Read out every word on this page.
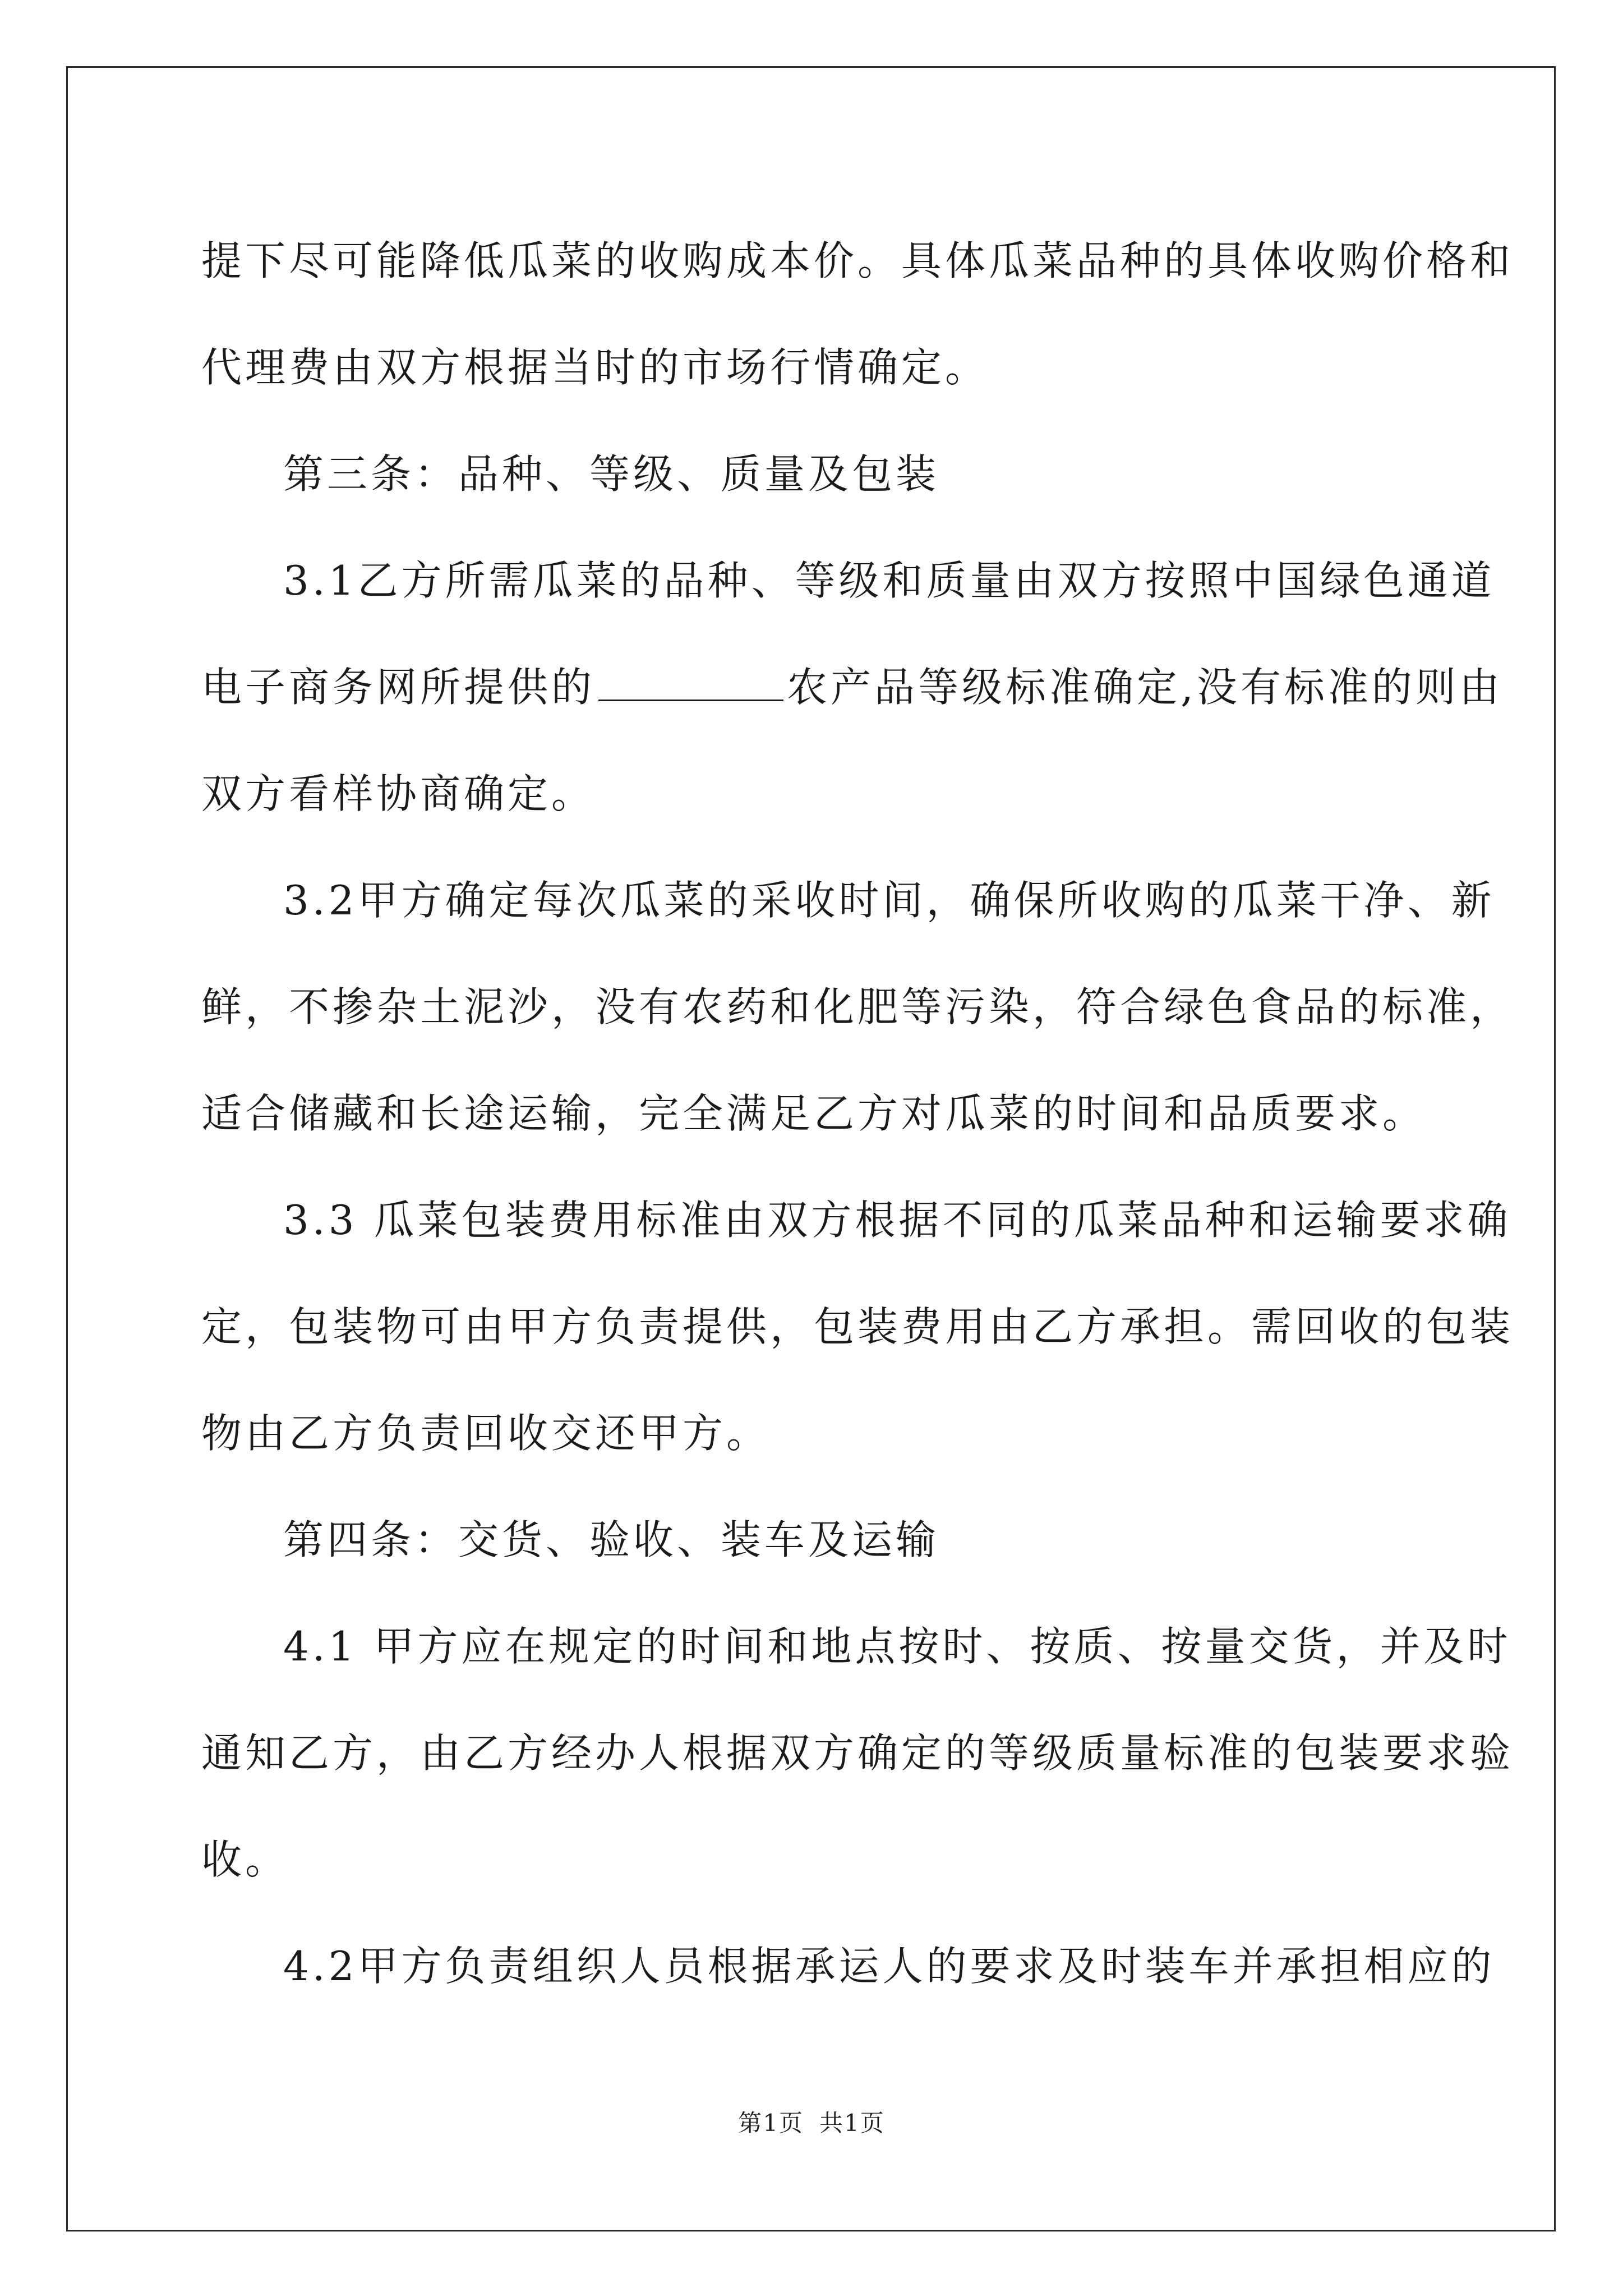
提下尽可能降低瓜菜的收购成本价。具体瓜菜品种的具体收购价格和
代理费由双方根据当时的市场行情确定。
第三条：品种、等级、质量及包装
3.1乙方所需瓜菜的品种、等级和质量由双方按照中国绿色通道
电子商务网所提供的	农产品等级标准确定,没有标准的则由
双方看样协商确定。
3.2甲方确定每次瓜菜的采收时间，确保所收购的瓜菜干净、新
鲜，不掺杂土泥沙，没有农药和化肥等污染，符合绿色食品的标准，
适合储藏和长途运输，完全满足乙方对瓜菜的时间和品质要求。
3.3 瓜菜包装费用标准由双方根据不同的瓜菜品种和运输要求确
定，包装物可由甲方负责提供，包装费用由乙方承担。需回收的包装
物由乙方负责回收交还甲方。
第四条：交货、验收、装车及运输
4.1 甲方应在规定的时间和地点按时、按质、按量交货，并及时
通知乙方，由乙方经办人根据双方确定的等级质量标准的包装要求验
收。
4.2甲方负责组织人员根据承运人的要求及时装车并承担相应的
第1页 共1页
